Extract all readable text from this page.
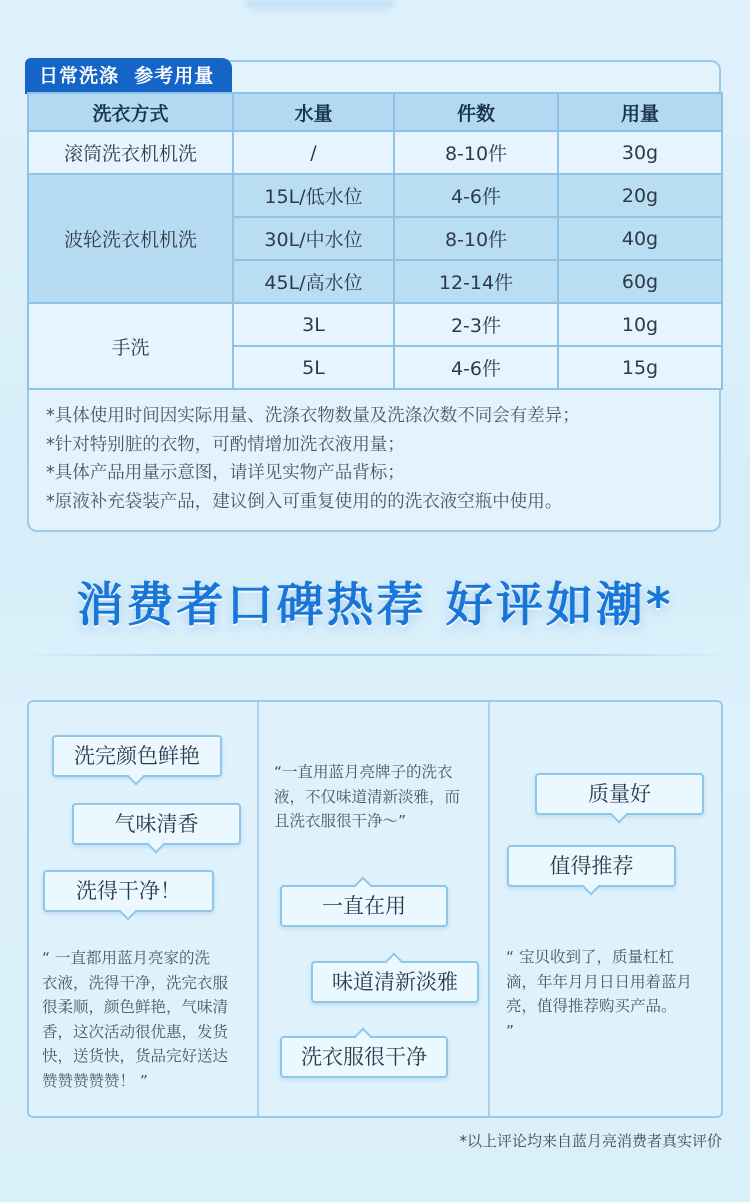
日常洗涤  参考用量
洗衣方式	水量	件数	用量
滚筒洗衣机机洗	/	8-10件	30g
波轮洗衣机机洗	15L/低水位	4-6件	20g
	30L/中水位	8-10件	40g
	45L/高水位	12-14件	60g
手洗	3L	2-3件	10g
	5L	4-6件	15g
*具体使用时间因实际用量、洗涤衣物数量及洗涤次数不同会有差异；
*针对特别脏的衣物，可酌情增加洗衣液用量；
*具体产品用量示意图，请详见实物产品背标；
*原液补充袋装产品，建议倒入可重复使用的的洗衣液空瓶中使用。
消费者口碑热荐 好评如潮*
洗完颜色鲜艳
气味清香
洗得干净！
“ 一直都用蓝月亮家的洗
衣液，洗得干净，洗完衣服
很柔顺，颜色鲜艳，气味清
香，这次活动很优惠，发货
快，送货快，货品完好送达
赞赞赞赞赞！ ”
“一直用蓝月亮牌子的洗衣
液，不仅味道清新淡雅，而
且洗衣服很干净～”
一直在用
味道清新淡雅
洗衣服很干净
质量好
值得推荐
“ 宝贝收到了，质量杠杠
滴，年年月月日日用着蓝月
亮，值得推荐购买产品。
”
*以上评论均来自蓝月亮消费者真实评价
